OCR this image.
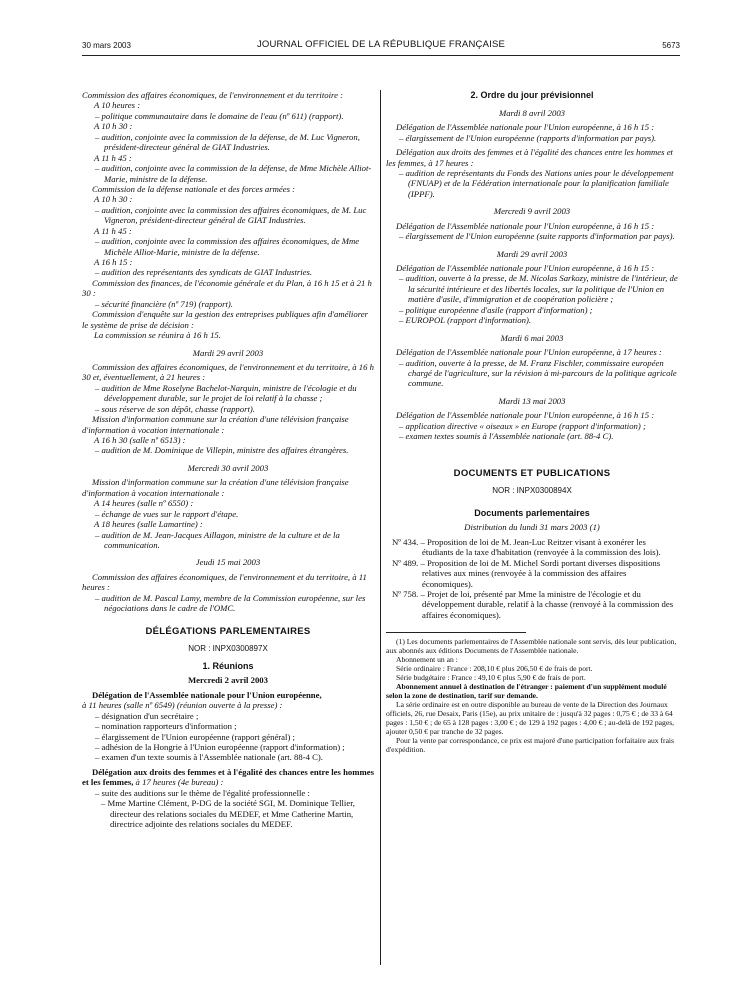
30 mars 2003	JOURNAL OFFICIEL DE LA RÉPUBLIQUE FRANÇAISE	5673

Commission des affaires économiques, de l'environnement et du territoire :

A 10 heures :

– politique communautaire dans le domaine de l'eau (nº 611) (rapport).

A 10 h 30 :

– audition, conjointe avec la commission de la défense, de M. Luc Vigneron, président-directeur général de GIAT Industries.

A 11 h 45 :

– audition, conjointe avec la commission de la défense, de Mme Michèle Alliot-Marie, ministre de la défense.

Commission de la défense nationale et des forces armées :

A 10 h 30 :

– audition, conjointe avec la commission des affaires économiques, de M. Luc Vigneron, président-directeur général de GIAT Industries.

A 11 h 45 :

– audition, conjointe avec la commission des affaires économiques, de Mme Michèle Alliot-Marie, ministre de la défense.

A 16 h 15 :

– audition des représentants des syndicats de GIAT Industries.

Commission des finances, de l'économie générale et du Plan, à 16 h 15 et à 21 h 30 :

– sécurité financière (nº 719) (rapport).

Commission d'enquête sur la gestion des entreprises publiques afin d'améliorer le système de prise de décision :

La commission se réunira à 16 h 15.

Mardi 29 avril 2003

Commission des affaires économiques, de l'environnement et du territoire, à 16 h 30 et, éventuellement, à 21 heures :

– audition de Mme Roselyne Bachelot-Narquin, ministre de l'écologie et du développement durable, sur le projet de loi relatif à la chasse ;

– sous réserve de son dépôt, chasse (rapport).

Mission d'information commune sur la création d'une télévision française d'information à vocation internationale :

A 16 h 30 (salle nº 6513) :

– audition de M. Dominique de Villepin, ministre des affaires étrangères.

Mercredi 30 avril 2003

Mission d'information commune sur la création d'une télévision française d'information à vocation internationale :

A 14 heures (salle nº 6550) :

– échange de vues sur le rapport d'étape.

A 18 heures (salle Lamartine) :

– audition de M. Jean-Jacques Aillagon, ministre de la culture et de la communication.

Jeudi 15 mai 2003

Commission des affaires économiques, de l'environnement et du territoire, à 11 heures :

– audition de M. Pascal Lamy, membre de la Commission européenne, sur les négociations dans le cadre de l'OMC.

DÉLÉGATIONS PARLEMENTAIRES

NOR : INPX0300897X

1. Réunions

Mercredi 2 avril 2003

Délégation de l'Assemblée nationale pour l'Union européenne,
à 11 heures (salle nº 6549) (réunion ouverte à la presse) :

– désignation d'un secrétaire ;

– nomination rapporteurs d'information ;

– élargissement de l'Union européenne (rapport général) ;

– adhésion de la Hongrie à l'Union européenne (rapport d'information) ;

– examen d'un texte soumis à l'Assemblée nationale (art. 88-4 C).

Délégation aux droits des femmes et à l'égalité des chances entre les hommes et les femmes, à 17 heures (4e bureau) :

– suite des auditions sur le thème de l'égalité professionnelle :

– Mme Martine Clément, P-DG de la société SGI, M. Dominique Tellier, directeur des relations sociales du MEDEF, et Mme Catherine Martin, directrice adjointe des relations sociales du MEDEF.

2. Ordre du jour prévisionnel

Mardi 8 avril 2003

Délégation de l'Assemblée nationale pour l'Union européenne, à 16 h 15 :

– élargissement de l'Union européenne (rapports d'information par pays).

Délégation aux droits des femmes et à l'égalité des chances entre les hommes et les femmes, à 17 heures :

– audition de représentants du Fonds des Nations unies pour le développement (FNUAP) et de la Fédération internationale pour la planification familiale (IPPF).

Mercredi 9 avril 2003

Délégation de l'Assemblée nationale pour l'Union européenne, à 16 h 15 :

– élargissement de l'Union européenne (suite rapports d'information par pays).

Mardi 29 avril 2003

Délégation de l'Assemblée nationale pour l'Union européenne, à 16 h 15 :

– audition, ouverte à la presse, de M. Nicolas Sarkozy, ministre de l'intérieur, de la sécurité intérieure et des libertés locales, sur la politique de l'Union en matière d'asile, d'immigration et de coopération policière ;

– politique européenne d'asile (rapport d'information) ;

– EUROPOL (rapport d'information).

Mardi 6 mai 2003

Délégation de l'Assemblée nationale pour l'Union européenne, à 17 heures :

– audition, ouverte à la presse, de M. Franz Fischler, commissaire européen chargé de l'agriculture, sur la révision à mi-parcours de la politique agricole commune.

Mardi 13 mai 2003

Délégation de l'Assemblée nationale pour l'Union européenne, à 16 h 15 :

– application directive « oiseaux » en Europe (rapport d'information) ;

– examen textes soumis à l'Assemblée nationale (art. 88-4 C).

DOCUMENTS ET PUBLICATIONS

NOR : INPX0300894X

Documents parlementaires

Distribution du lundi 31 mars 2003 (1)

Nº 434. – Proposition de loi de M. Jean-Luc Reitzer visant à exonérer les étudiants de la taxe d'habitation (renvoyée à la commission des lois).

Nº 489. – Proposition de loi de M. Michel Sordi portant diverses dispositions relatives aux mines (renvoyée à la commission des affaires économiques).

Nº 758. – Projet de loi, présenté par Mme la ministre de l'écologie et du développement durable, relatif à la chasse (renvoyé à la commission des affaires économiques).

(1) Les documents parlementaires de l'Assemblée nationale sont servis, dès leur publication, aux abonnés aux éditions Documents de l'Assemblée nationale.

Abonnement un an :

Série ordinaire : France : 208,10 € plus 206,50 € de frais de port.

Série budgétaire : France : 49,10 € plus 5,90 € de frais de port.

Abonnement annuel à destination de l'étranger : paiement d'un supplément modulé selon la zone de destination, tarif sur demande.

La série ordinaire est en outre disponible au bureau de vente de la Direction des Journaux officiels, 26, rue Desaix, Paris (15e), au prix unitaire de : jusqu'à 32 pages : 0,75 € ; de 33 à 64 pages : 1,50 € ; de 65 à 128 pages : 3,00 € ; de 129 à 192 pages : 4,00 € ; au-delà de 192 pages, ajouter 0,50 € par tranche de 32 pages.

Pour la vente par correspondance, ce prix est majoré d'une participation forfaitaire aux frais d'expédition.
